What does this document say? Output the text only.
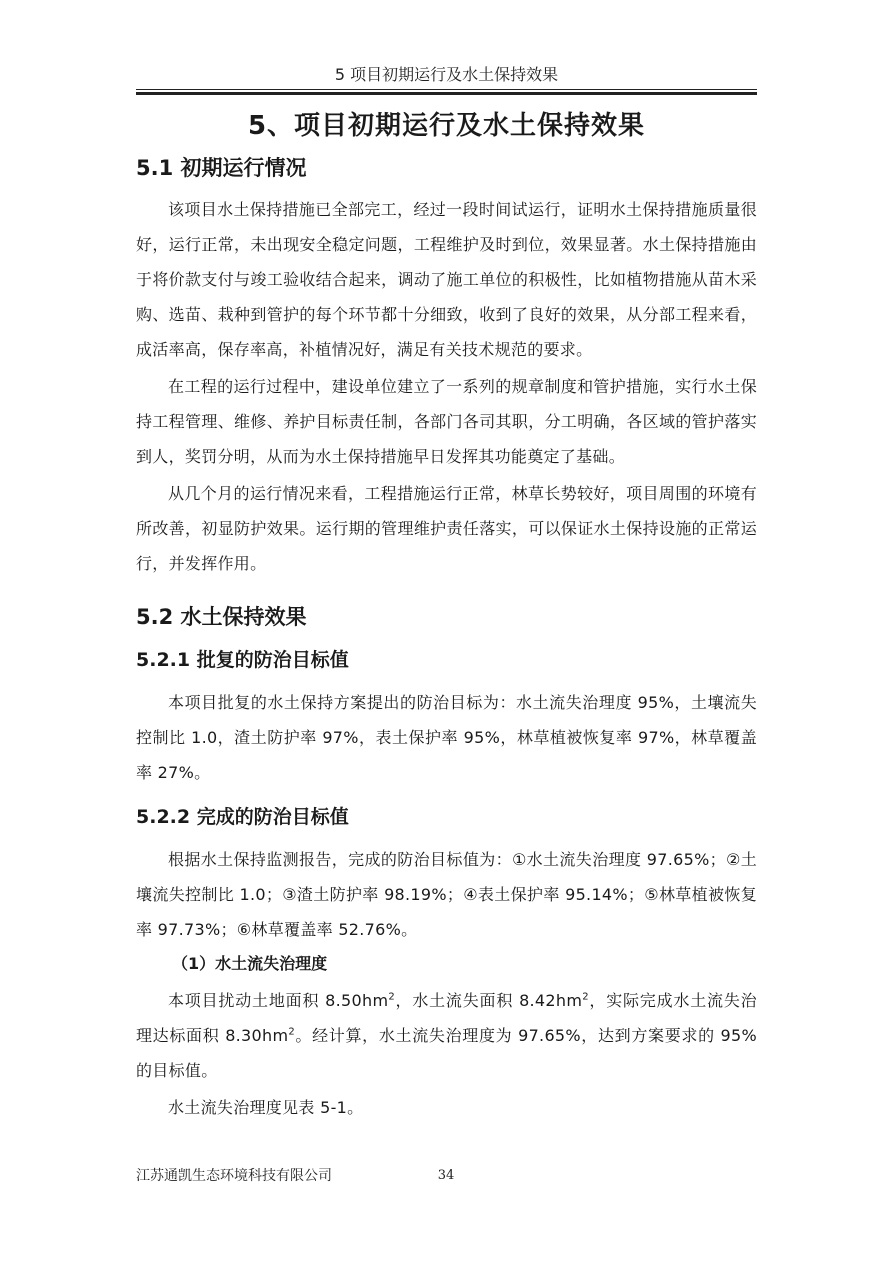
5 项目初期运行及水土保持效果
5、项目初期运行及水土保持效果
5.1 初期运行情况

该项目水土保持措施已全部完工，经过一段时间试运行，证明水土保持措施质量很好，运行正常，未出现安全稳定问题，工程维护及时到位，效果显著。水土保持措施由于将价款支付与竣工验收结合起来，调动了施工单位的积极性，比如植物措施从苗木采购、选苗、栽种到管护的每个环节都十分细致，收到了良好的效果，从分部工程来看，成活率高，保存率高，补植情况好，满足有关技术规范的要求。

在工程的运行过程中，建设单位建立了一系列的规章制度和管护措施，实行水土保持工程管理、维修、养护目标责任制，各部门各司其职，分工明确，各区域的管护落实到人，奖罚分明，从而为水土保持措施早日发挥其功能奠定了基础。

从几个月的运行情况来看，工程措施运行正常，林草长势较好，项目周围的环境有所改善，初显防护效果。运行期的管理维护责任落实，可以保证水土保持设施的正常运行，并发挥作用。

5.2 水土保持效果
5.2.1 批复的防治目标值

本项目批复的水土保持方案提出的防治目标为：水土流失治理度 95%，土壤流失控制比 1.0，渣土防护率 97%，表土保护率 95%，林草植被恢复率 97%，林草覆盖率 27%。

5.2.2 完成的防治目标值

根据水土保持监测报告，完成的防治目标值为：①水土流失治理度 97.65%；②土壤流失控制比 1.0；③渣土防护率 98.19%；④表土保护率 95.14%；⑤林草植被恢复率 97.73%；⑥林草覆盖率 52.76%。

（1）水土流失治理度

本项目扰动土地面积 $8.50hm^2$，水土流失面积 $8.42hm^2$，实际完成水土流失治理达标面积 $8.30hm^2$。经计算，水土流失治理度为 97.65%，达到方案要求的 95%的目标值。

水土流失治理度见表 5-1。

江苏通凯生态环境科技有限公司	34
